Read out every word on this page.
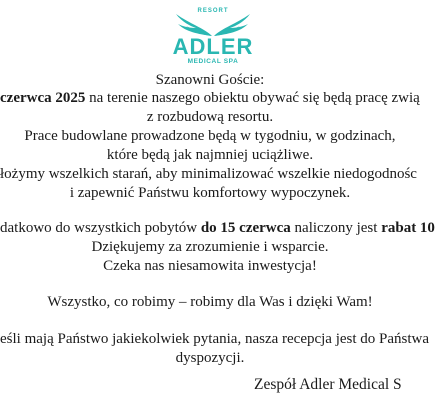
RESORT
ADLER
MEDICAL SPA

Szanowni Goście:

czerwca 2025 na terenie naszego obiektu obywać się będą pracę zwią

z rozbudową resortu.

Prace budowlane prowadzone będą w tygodniu, w godzinach,

które będą jak najmniej uciążliwe.

łożymy wszelkich starań, aby minimalizować wszelkie niedogodnośc

i zapewnić Państwu komfortowy wypoczynek.

datkowo do wszystkich pobytów do 15 czerwca naliczony jest rabat 10

Dziękujemy za zrozumienie i wsparcie.

Czeka nas niesamowita inwestycja!

Wszystko, co robimy – robimy dla Was i dzięki Wam!

eśli mają Państwo jakiekolwiek pytania, nasza recepcja jest do Państwa

dyspozycji.

Zespół Adler Medical S
